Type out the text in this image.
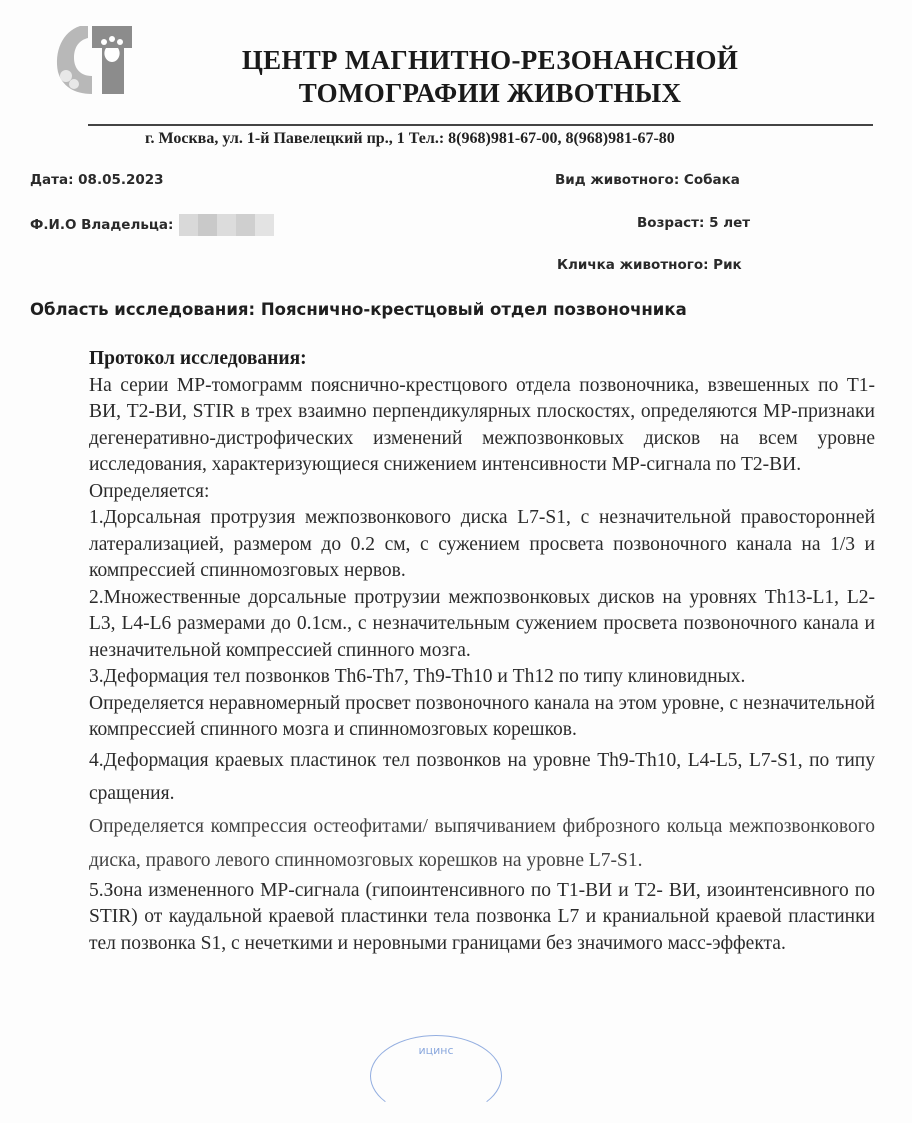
ЦЕНТР МАГНИТНО-РЕЗОНАНСНОЙ
ТОМОГРАФИИ ЖИВОТНЫХ
г. Москва, ул. 1-й Павелецкий пр., 1 Тел.: 8(968)981-67-00, 8(968)981-67-80
Дата: 08.05.2023	Вид животного: Собака
Ф.И.О Владельца:	Возраст: 5 лет
Кличка животного: Рик
Область исследования: Пояснично-крестцовый отдел позвоночника

Протокол исследования:

На серии МР-томограмм пояснично-крестцового отдела позвоночника, взвешенных по Т1-ВИ, Т2-ВИ, STIR в трех взаимно перпендикулярных плоскостях, определяются МР-признаки дегенеративно-дистрофических изменений межпозвонковых дисков на всем уровне исследования, характеризующиеся снижением интенсивности МР-сигнала по Т2-ВИ.

Определяется:

1.Дорсальная протрузия межпозвонкового диска L7-S1, с незначительной правосторонней латерализацией, размером до 0.2 см, с сужением просвета позвоночного канала на 1/3 и компрессией спинномозговых нервов.

2.Множественные дорсальные протрузии межпозвонковых дисков на уровнях Th13-L1, L2-L3, L4-L6 размерами до 0.1см., с незначительным сужением просвета позвоночного канала и незначительной компрессией спинного мозга.

3.Деформация тел позвонков Th6-Th7, Th9-Th10 и Th12 по типу клиновидных.

Определяется неравномерный просвет позвоночного канала на этом уровне, с незначительной компрессией спинного мозга и спинномозговых корешков.

4.Деформация краевых пластинок тел позвонков на уровне Th9-Th10, L4-L5, L7-S1, по типу сращения.

Определяется компрессия остеофитами/ выпячиванием фиброзного кольца межпозвонкового диска, правого левого спинномозговых корешков на уровне L7-S1.

5.Зона измененного МР-сигнала (гипоинтенсивного по Т1-ВИ и Т2- ВИ, изоинтенсивного по STIR) от каудальной краевой пластинки тела позвонка L7 и краниальной краевой пластинки тел позвонка S1, с нечеткими и неровными границами без значимого масс-эффекта.

ицинс
